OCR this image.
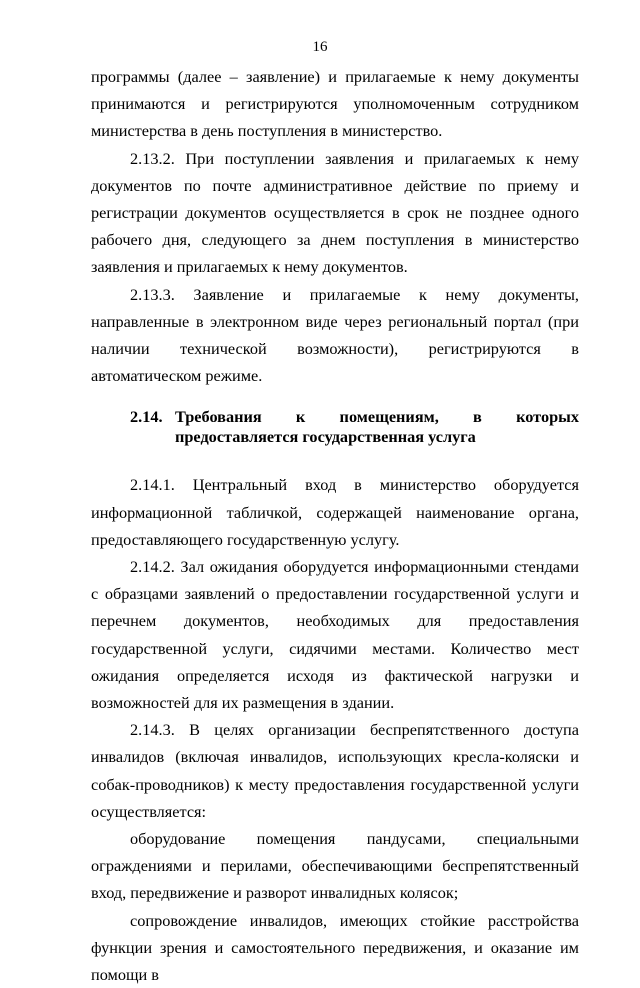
16

программы (далее – заявление) и прилагаемые к нему документы принимаются и регистрируются уполномоченным сотрудником министерства в день поступления в министерство.

2.13.2. При поступлении заявления и прилагаемых к нему документов по почте административное действие по приему и регистрации документов осуществляется в срок не позднее одного рабочего дня, следующего за днем поступления в министерство заявления и прилагаемых к нему документов.

2.13.3. Заявление и прилагаемые к нему документы, направленные в электронном виде через региональный портал (при наличии технической возможности), регистрируются в автоматическом режиме.

2.14. Требования к помещениям, в которых предоставляется государственная услуга

2.14.1. Центральный вход в министерство оборудуется информационной табличкой, содержащей наименование органа, предоставляющего государственную услугу.

2.14.2. Зал ожидания оборудуется информационными стендами с образцами заявлений о предоставлении государственной услуги и перечнем документов, необходимых для предоставления государственной услуги, сидячими местами. Количество мест ожидания определяется исходя из фактической нагрузки и возможностей для их размещения в здании.

2.14.3. В целях организации беспрепятственного доступа инвалидов (включая инвалидов, использующих кресла-коляски и собак-проводников) к месту предоставления государственной услуги осуществляется:

оборудование помещения пандусами, специальными ограждениями и перилами, обеспечивающими беспрепятственный вход, передвижение и разворот инвалидных колясок;

сопровождение инвалидов, имеющих стойкие расстройства функции зрения и самостоятельного передвижения, и оказание им помощи в
